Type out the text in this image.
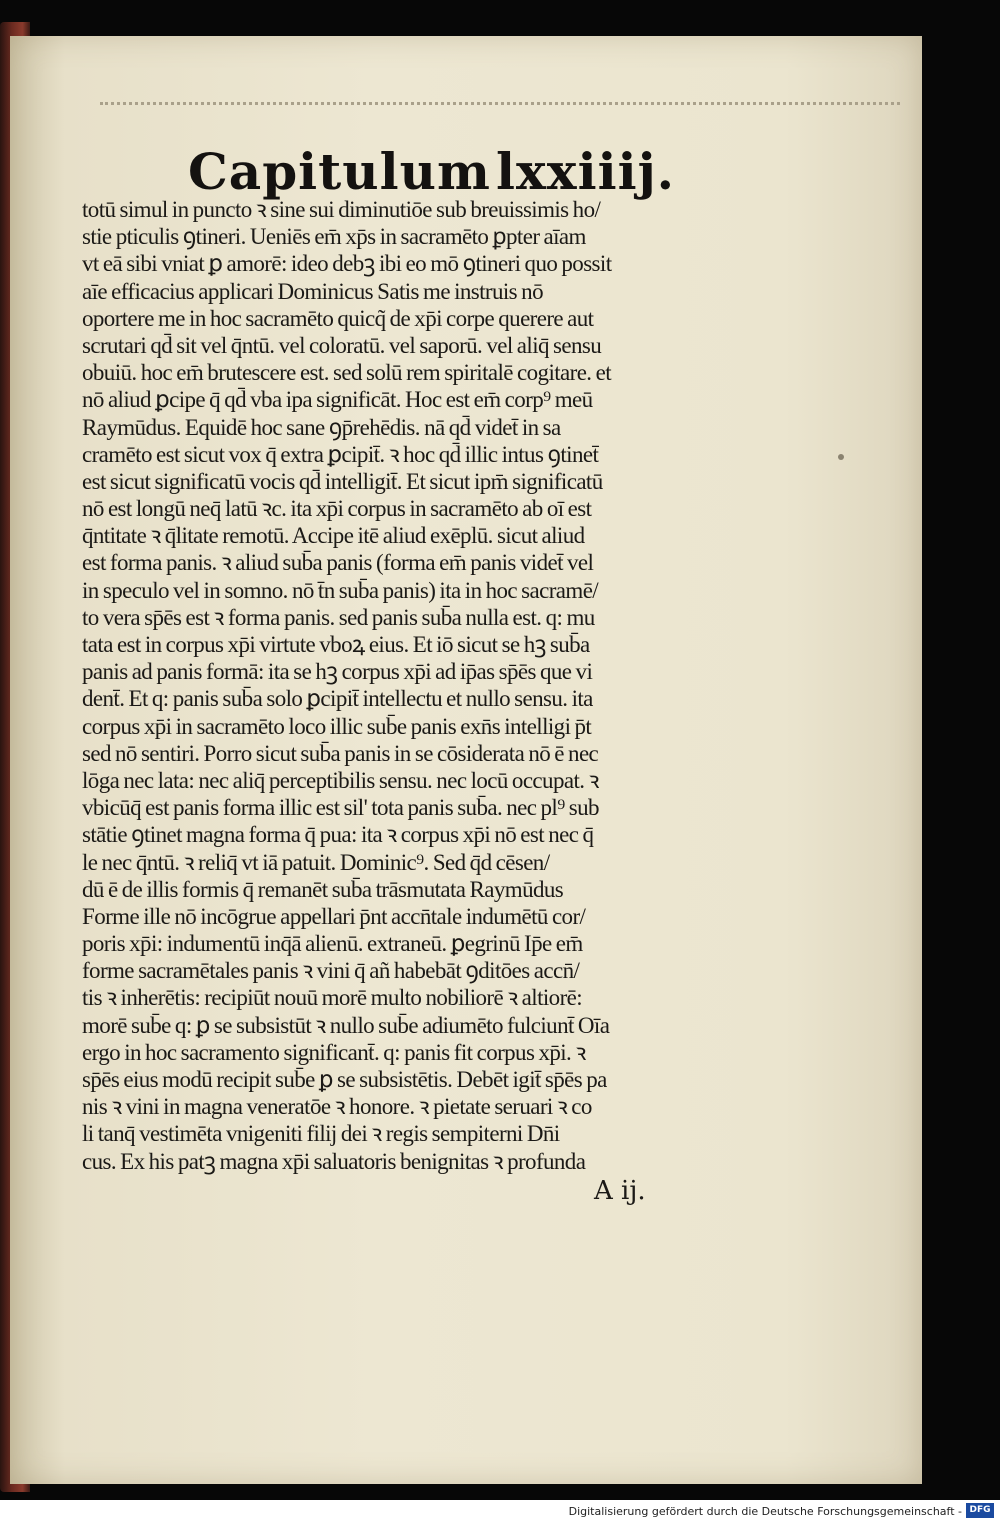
Capitulum lxxiiij.
totū simul in puncto ꝛ sine sui diminutiōe sub breuissimis ho/
stie pticulis ꝯtineri. Ueniēs em̄ xp̄s in sacramēto ꝑpter aīam
vt eā sibi vniat ꝑ amorē: ideo debꝫ ibi eo mō ꝯtineri quo possit
aīe efficacius applicari Dominicus Satis me instruis nō
oportere me in hoc sacramēto quicq̃ de xp̄i corpe querere aut
scrutari qd̄ sit vel q̄ntū. vel coloratū. vel saporū. vel aliq̄ sensu
obuiū. hoc em̄ brutescere est. sed solū rem spiritalē cogitare. et
nō aliud ꝑcipe q̄ qd̄ vba ipa significāt. Hoc est em̄ corp⁹ meū
Raymūdus. Equidē hoc sane ꝯp̄rehēdis. nā qd̄ videt̄ in sa
cramēto est sicut vox q̄ extra ꝑcipit̄. ꝛ hoc qd̄ illic intus ꝯtinet̄
est sicut significatū vocis qd̄ intelligit̄. Et sicut ipm̄ significatū
nō est longū neq̄ latū ꝛc. ita xp̄i corpus in sacramēto ab oī est
q̄ntitate ꝛ q̄litate remotū. Accipe itē aliud exēplū. sicut aliud
est forma panis. ꝛ aliud sub̄a panis (forma em̄ panis videt̄ vel
in speculo vel in somno. nō t̄n sub̄a panis) ita in hoc sacramē/
to vera sp̄ēs est ꝛ forma panis. sed panis sub̄a nulla est. q: mu
tata est in corpus xp̄i virtute vboꝝ eius. Et iō sicut se hꝫ sub̄a
panis ad panis formā: ita se hꝫ corpus xp̄i ad ip̄as sp̄ēs que vi
dent̄. Et q: panis sub̄a solo ꝑcipit̄ intellectu et nullo sensu. ita
corpus xp̄i in sacramēto loco illic sub̄e panis exn̄s intelligi p̄t
sed nō sentiri. Porro sicut sub̄a panis in se cōsiderata nō ē nec
lōga nec lata: nec aliq̄ perceptibilis sensu. nec locū occupat. ꝛ
vbicūq̄ est panis forma illic est sil' tota panis sub̄a. nec pl⁹ sub
stātie ꝯtinet magna forma q̄ pua: ita ꝛ corpus xp̄i nō est nec q̄
le nec q̄ntū. ꝛ reliq̄ vt iā patuit. Dominic⁹. Sed q̄d cēsen/
dū ē de illis formis q̄ remanēt sub̄a trāsmutata Raymūdus
Forme ille nō incōgrue appellari p̄nt accn̄tale indumētū cor/
poris xp̄i: indumentū inq̄ā alienū. extraneū. ꝑegrinū Ip̄e em̄
forme sacramētales panis ꝛ vini q̄ añ habebāt ꝯditōes accn̄/
tis ꝛ inherētis: recipiūt nouū morē multo nobiliorē ꝛ altiorē:
morē sub̄e q: ꝑ se subsistūt ꝛ nullo sub̄e adiumēto fulciunt̄ Oīa
ergo in hoc sacramento significant̄. q: panis fit corpus xp̄i. ꝛ
sp̄ēs eius modū recipit sub̄e ꝑ se subsistētis. Debēt igit̄ sp̄ēs pa
nis ꝛ vini in magna veneratōe ꝛ honore. ꝛ pietate seruari ꝛ co
li tanq̄ vestimēta vnigeniti filij dei ꝛ regis sempiterni Dn̄i
cus. Ex his patꝫ magna xp̄i saluatoris benignitas ꝛ profunda
A ij.
Digitalisierung gefördert durch die Deutsche Forschungsgemeinschaft - DFG
